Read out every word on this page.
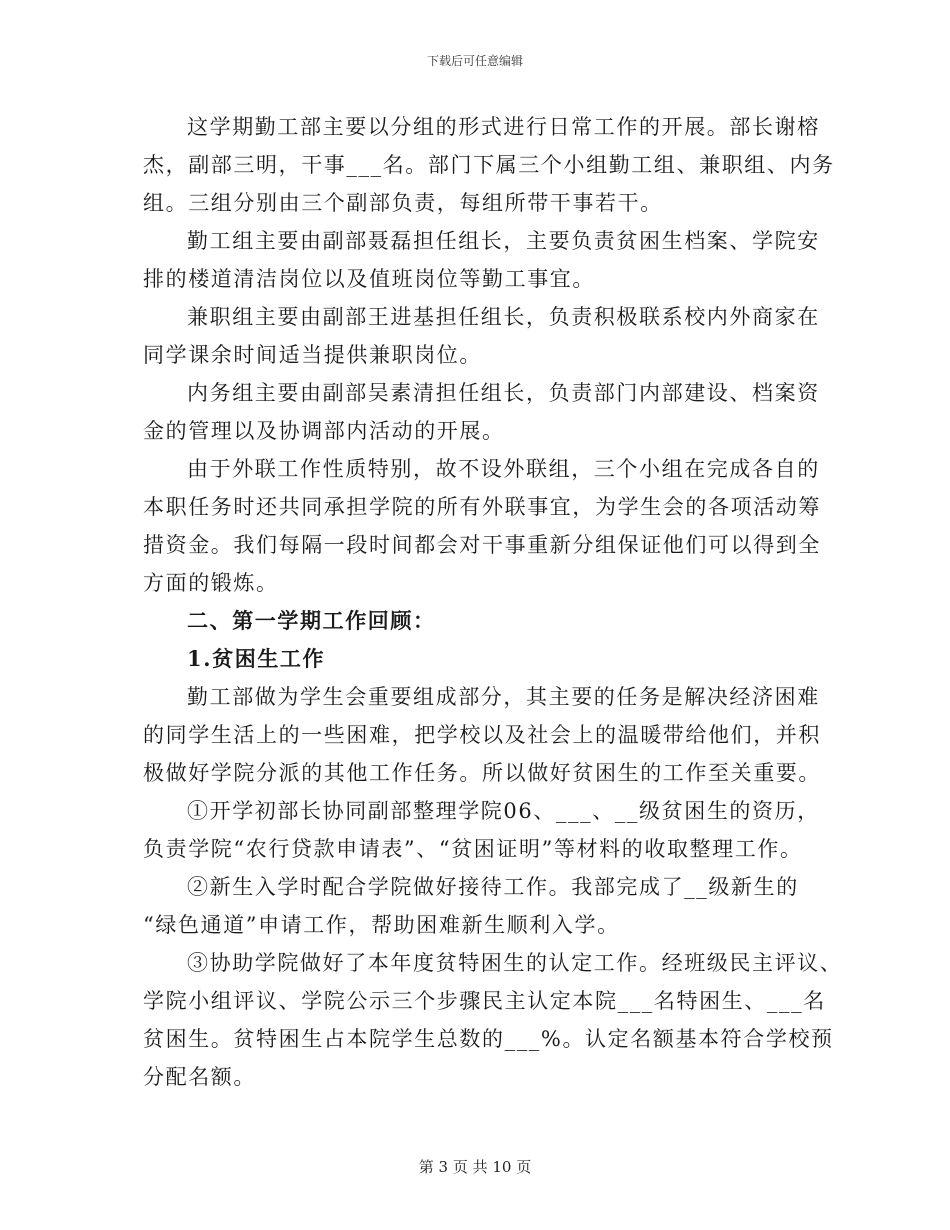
下载后可任意编辑
这学期勤工部主要以分组的形式进行日常工作的开展。部长谢榕
杰，副部三明，干事___名。部门下属三个小组勤工组、兼职组、内务
组。三组分别由三个副部负责，每组所带干事若干。
勤工组主要由副部聂磊担任组长，主要负责贫困生档案、学院安
排的楼道清洁岗位以及值班岗位等勤工事宜。
兼职组主要由副部王进基担任组长，负责积极联系校内外商家在
同学课余时间适当提供兼职岗位。
内务组主要由副部吴素清担任组长，负责部门内部建设、档案资
金的管理以及协调部内活动的开展。
由于外联工作性质特别，故不设外联组，三个小组在完成各自的
本职任务时还共同承担学院的所有外联事宜，为学生会的各项活动筹
措资金。我们每隔一段时间都会对干事重新分组保证他们可以得到全
方面的锻炼。
二、第一学期工作回顾：
1.贫困生工作
勤工部做为学生会重要组成部分，其主要的任务是解决经济困难
的同学生活上的一些困难，把学校以及社会上的温暖带给他们，并积
极做好学院分派的其他工作任务。所以做好贫困生的工作至关重要。
①开学初部长协同副部整理学院06、___、__级贫困生的资历，
负责学院“农行贷款申请表”、“贫困证明”等材料的收取整理工作。
②新生入学时配合学院做好接待工作。我部完成了__级新生的
“绿色通道”申请工作，帮助困难新生顺利入学。
③协助学院做好了本年度贫特困生的认定工作。经班级民主评议、
学院小组评议、学院公示三个步骤民主认定本院___名特困生、___名
贫困生。贫特困生占本院学生总数的___%。认定名额基本符合学校预
分配名额。
第 3 页 共 10 页
